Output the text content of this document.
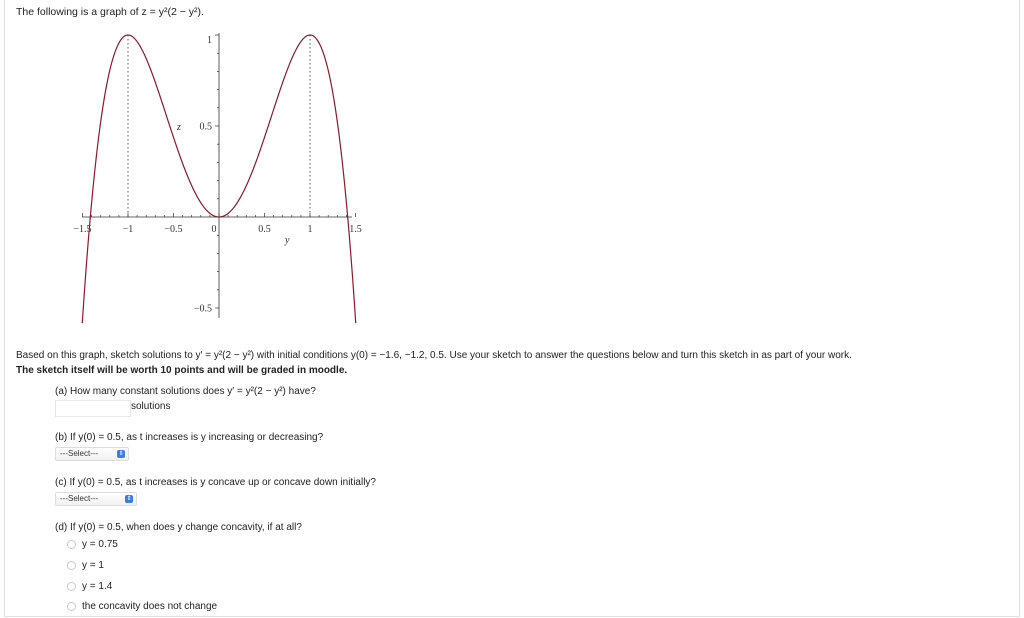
The following is a graph of z = y²(2 − y²).
1
0.5
−0.5
−1.5	−1	−0.5	0	0.5	1	1.5
z
y
Based on this graph, sketch solutions to y′ = y²(2 − y²) with initial conditions y(0) = −1.6, −1.2, 0.5. Use your sketch to answer the questions below and turn this sketch in as part of your work.
The sketch itself will be worth 10 points and will be graded in moodle.
(a) How many constant solutions does y′ = y²(2 − y²) have?
solutions
(b) If y(0) = 0.5, as t increases is y increasing or decreasing?
---Select---	⇕
(c) If y(0) = 0.5, as t increases is y concave up or concave down initially?
---Select---	⇕
(d) If y(0) = 0.5, when does y change concavity, if at all?
y = 0.75
y = 1
y = 1.4
the concavity does not change
